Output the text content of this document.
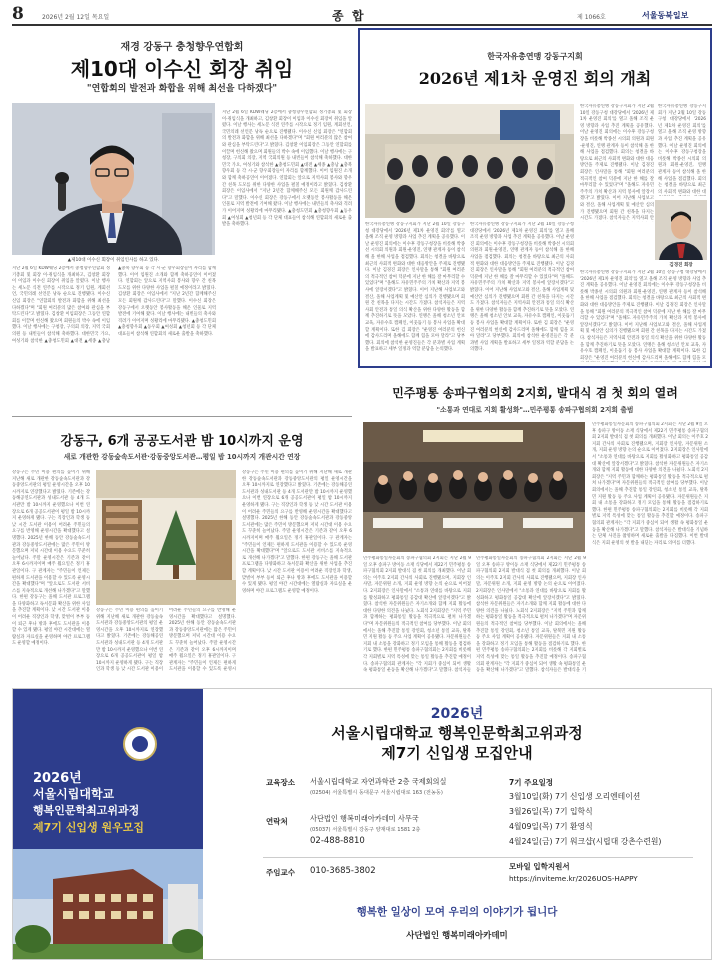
8	2026년 2월 12일 목요일	종  합	제 1066호	서울동북일보
재경 강동구 충청향우연합회
제10대 이수신 회장 취임
"연합회의 발전과 화합을 위해 최선을 다하겠다"
▲제10대 이수신 회장이 취임인사를 하고 있다.
지난 2월 6일 KDW웨딩 2층에서 충청향우연합회 정기총회 및 회장 이·취임식을 개최하고, 김창환 회장이 이임과 이수신 회장이 취임을 알렸다. 이날 행사는 세노문 식전 연주를 시작으로 정기 임원, 계회선언, 국민의례 선언문 낭독 순으로 진행됐다. 이수신 신임 회장은 "연합회의 발전과 화합을 위해 최선을 다하겠다"며 "회원 여러분의 많은 참여와 관심을 부탁드린다"고 밝혔다. 김창환 이임회장은 그동안 연합회를 이끌며 헌신해 왔으며 회원들의 박수 속에 이임했다. 이날 행사에는 구청장, 구의회 의장, 지역 국회의원 등 내빈들이 참석해 축하했다. 대한민국 가요, 여성기와 참석한 ▲충청도민회 ▲대전 ▲세종 ▲충남 ▲충북 향우회 등 각 시·군 향우회장들이 자리를 함께했다. 이어 임원진 소개와 함께 축하공연이 이어졌다. 연합회는 앞으로 지역사회 봉사와 향우 간 친목 도모를 위한 다양한 사업을 펼칠 예정이라고 밝혔다. 김창환 회장은 이임사에서 "지난 2년간 함께해주신 모든 회원께 감사드린다"고 말했다. 이수신 회장은 강동구에서 오랫동안 봉사활동을 해온 인물로 지역 발전에 기여해 왔다. 이날 행사에는 내빈들의 축사와 격려가 이어지며 성황리에 마무리됐다. ▲충청도민회 ▲충청향우회 ▲동우회 ▲여성회 ▲청년회 등 각 단체 대표들이 참석해 연합회의 새로운 출발을 축하했다.
지난 2월 6일 KDW웨딩 2층에서 충청향우연합회 정기총회 및 회장 이·취임식을 개최하고, 김창환 회장이 이임과 이수신 회장이 취임을 알렸다. 이날 행사는 세노문 식전 연주를 시작으로 정기 임원, 계회선언, 국민의례 선언문 낭독 순으로 진행됐다. 이수신 신임 회장은 "연합회의 발전과 화합을 위해 최선을 다하겠다"며 "회원 여러분의 많은 참여와 관심을 부탁드린다"고 밝혔다. 김창환 이임회장은 그동안 연합회를 이끌며 헌신해 왔으며 회원들의 박수 속에 이임했다. 이날 행사에는 구청장, 구의회 의장, 지역 국회의원 등 내빈들이 참석해 축하했다. 대한민국 가요, 여성기와 참석한 ▲충청도민회 ▲대전 ▲세종 ▲충남 ▲충북 향우회 등 각 시·군 향우회장들이 자리를 함께했다. 이어 임원진 소개와 함께 축하공연이 이어졌다. 연합회는 앞으로 지역사회 봉사와 향우 간 친목 도모를 위한 다양한 사업을 펼칠 예정이라고 밝혔다. 김창환 회장은 이임사에서 "지난 2년간 함께해주신 모든 회원께 감사드린다"고 말했다. 이수신 회장은 강동구에서 오랫동안 봉사활동을 해온 인물로 지역 발전에 기여해 왔다. 이날 행사에는 내빈들의 축사와 격려가 이어지며 성황리에 마무리됐다. ▲충청도민회 ▲충청향우회 ▲동우회 ▲여성회 ▲청년회 등 각 단체 대표들이 참석해 연합회의 새로운 출발을 축하했다.
강동구, 6개 공공도서관 밤 10시까지 운영
새로 개관한 강동숲속도서관·강동중앙도서관…평일 밤 10시까지 개관시간 연장
강동구는 주민 이용 편의를 높이기 위해 지난해 새로 개관한 강동숲속도서관과 강동중앙도서관의 평일 운영시간을 오후 10시까지로 연장했다고 밝혔다. 기존에는 강동해공연도서관과 성내도서관 등 4개 도서관만 밤 10시까지 운영했으나 이번 연장으로 6개 공공도서관이 평일 밤 10시까지 운영하게 됐다. 구는 직장인과 학생 등 낮 시간 도서관 이용이 어려운 주민들의 요구를 반영해 운영시간을 확대했다고 설명했다. 2025년 한해 동안 강동숲속도서관과 강동중앙도서관에는 많은 주민이 방문했으며 저녁 시간대 이용 수요도 꾸준히 늘어났다. 주말 운영시간은 기존과 같이 오후 6시까지이며 매주 월요일은 정기 휴관일이다. 구 관계자는 "주민들이 언제든 편하게 도서관을 이용할 수 있도록 운영시간을 확대했다"며 "앞으로도 도서관 서비스를 지속적으로 개선해 나가겠다"고 말했다. 한편 강동구는 올해 도서관 프로그램을 다양화하고 독서문화 확산을 위한 사업을 추진할 계획이다. 낮 시간 도서관 이용이 어려운 직장인과 학생, 맞벌이 부부 등이 퇴근 후나 방과 후에도 도서관을 이용할 수 있게 됐다. 평일 야간 시간대에는 열람실과 자료실을 운영하며 야간 프로그램도 운영할 예정이다.
강동구는 주민 이용 편의를 높이기 위해 지난해 새로 개관한 강동숲속도서관과 강동중앙도서관의 평일 운영시간을 오후 10시까지로 연장했다고 밝혔다. 기존에는 강동해공연도서관과 성내도서관 등 4개 도서관만 밤 10시까지 운영했으나 이번 연장으로 6개 공공도서관이 평일 밤 10시까지 운영하게 됐다. 구는 직장인과 학생 등 낮 시간 도서관 이용이 어려운 주민들의 요구를 반영해 운영시간을 확대했다고 설명했다. 2025년 한해 동안 강동숲속도서관과 강동중앙도서관에는 많은 주민이 방문했으며 저녁 시간대 이용 수요도 꾸준히 늘어났다. 주말 운영시간은 기존과 같이 오후 6시까지이며 매주 월요일은 정기 휴관일이다. 구 관계자는 "주민들이 언제든 편하게 도서관을 이용할 수 있도록 운영시
강동구는 주민 이용 편의를 높이기 위해 지난해 새로 개관한 강동숲속도서관과 강동중앙도서관의 평일 운영시간을 오후 10시까지로 연장했다고 밝혔다. 기존에는 강동해공연도서관과 성내도서관 등 4개 도서관만 밤 10시까지 운영했으나 이번 연장으로 6개 공공도서관이 평일 밤 10시까지 운영하게 됐다. 구는 직장인과 학생 등 낮 시간 도서관 이용이 어려운 주민들의 요구를 반영해 운영시간을 확대했다고 설명했다. 2025년 한해 동안 강동숲속도서관과 강동중앙도서관에는 많은 주민이 방문했으며 저녁 시간대 이용 수요도 꾸준히 늘어났다. 주말 운영시간은 기존과 같이 오후 6시까지이며 매주 월요일은 정기 휴관일이다. 구 관계자는 "주민들이 언제든 편하게 도서관을 이용할 수 있도록 운영시간을 확대했다"며 "앞으로도 도서관 서비스를 지속적으로 개선해 나가겠다"고 말했다. 한편 강동구는 올해 도서관 프로그램을 다양화하고 독서문화 확산을 위한 사업을 추진할 계획이다. 낮 시간 도서관 이용이 어려운 직장인과 학생, 맞벌이 부부 등이 퇴근 후나 방과 후에도 도서관을 이용할 수 있게 됐다. 평일 야간 시간대에는 열람실과 자료실을 운영하며 야간 프로그램도 운영할 예정이다.
한국자유총연맹 강동구지회
2026년 제1차 운영진 회의 개최
한국자유총연맹 강동구지회가 지난 2월 10일 강동구청 대강당에서 '2026년 제1차 운영진 회의'를 열고 올해 조직 운영 방향과 사업 추진 계획을 공유했다. 이날 운영진 회의에는 이수후 강동구청장을 비롯해 박종선 시의회 의원과 회원·운영진, 연맹 관계자 등이 참석해 올 한해 사업을 점검했다. 회의는 청결을 바탕으로 최근의 사회적 변화와 대한 대응방안을 주제로 진행됐다. 이날 김경진 회장은 인사말을 통해 "회원 여러분의 적극적인 참여 덕분에 지난 한 해를 잘 마무리할 수 있었다"며 "올해도 자유민주주의 가치 확산과 지역 봉사에 앞장서겠다"고 밝혔다. 이어 지난해 사업보고와 결산, 올해 사업계획 및 예산안 심의가 진행됐으며 회원 간 친목을 다지는 시간도 가졌다. 참석자들은 지역사회 안전과 통일 의식 확산을 위한 다양한 활동을 함께 추진하기로 뜻을 모았다. 연맹은 올해 청소년 안보 교육, 자유수호 캠페인, 이웃돕기 등 봉사 사업을 확대할 계획이다. 또한 김 회장은 "운영진 여러분의 헌신에 감사드리며 올해에도 함께 힘을 모아 달라"고 당부했다. 회의에 참석한 운영진들은 각 분과별 사업 계획을 발표하고 세부 일정과 역할 분담을 논의했다.
한국자유총연맹 강동구지회가 지난 2월 10일 강동구청 대강당에서 '2026년 제1차 운영진 회의'를 열고 올해 조직 운영 방향과 사업 추진 계획을 공유했다. 이날 운영진 회의에는 이수후 강동구청장을 비롯해 박종선 시의회 의원과 회원·운영진, 연맹 관계자 등이 참석해 올 한해 사업을 점검했다. 회의는 청결을 바탕으로 최근의 사회적 변화와 대한 대응방안을 주제로 진행됐다. 이날 김경진 회장은 인사말을 통해 "회원 여러분의 적극적인 참여 덕분에 지난 한 해를 잘 마무리할 수 있었다"며 "올해도 자유민주주의 가치 확산과 지역 봉사에 앞장서겠다"고 밝혔다. 이어 지난해 사업보고와 결산, 올해 사업계획 및 예산안 심의가 진행됐으며 회원 간 친목을 다지는 시간도 가졌다. 참석자들은 지역사회 안전과 통일 의식 확산을 위한 다양한 활동을 함께 추진하기로 뜻을 모았다. 연맹은 올해 청소년 안보 교육, 자유수호 캠페인, 이웃돕기 등 봉사 사업을 확대할 계획이다. 또한 김 회장은 "운영진 여러분의 헌신에 감사드리며 올해에도 함께 힘을 모아 달라"고 당부했다. 회의에 참석한 운영진들은 각 분과별 사업 계획을 발표하고 세부 일정과 역할 분담을 논의했다.
한국자유총연맹 강동구지회가 지난 2월 10일 강동구청 대강당에서 '2026년 제1차 운영진 회의'를 열고 올해 조직 운영 방향과 사업 추진 계획을 공유했다. 이날 운영진 회의에는 이수후 강동구청장을 비롯해 박종선 시의회 의원과 회원·운영진, 연맹 관계자 등이 참석해 올 한해 사업을 점검했다. 회의는 청결을 바탕으로 최근의 사회적 변화와 대한 대응방안을 주제로 진행됐다. 이날 김경진 회장은 인사말을 통해 "회원 여러분의 적극적인 참여 덕분에 지난 한 해를 잘 마무리할 수 있었다"며 "올해도 자유민주주의 가치 확산과 지역 봉사에 앞장서겠다"고 밝혔다. 이어 지난해 사업보고와 결산, 올해 사업계획 및 예산안 심의가 진행됐으며 회원 간 친목을 다지는 시간도 가졌다. 참석자들은 지역사회 안
김경진 회장
한국자유총연맹 강동구지회가 지난 2월 10일 강동구청 대강당에서 '2026년 제1차 운영진 회의'를 열고 올해 조직 운영 방향과 사업 추진 계획을 공유했다. 이날 운영진 회의에는 이수후 강동구청장을 비롯해 박종선 시의회 의원과 회원·운영진, 연맹 관계자 등이 참석해 올 한해 사업을 점검했다. 회의는 청결을 바탕으로 최근의 사회적 변화와 대한 대응방안을 주제로 진행됐다. 이날 김경진 회장은 인사말을 통해 "회원 여러분의 적극적인 참여 덕분에 지난 한 해를 잘 마무리할 수 있었다"며 "올해도 자유민주주의 가치 확산과 지역 봉사에 앞장서겠다"고 밝혔다. 이어 지난해 사업보고와 결산, 올해 사업계획 및 예산안 심의가 진행됐으며 회원 간 친목을 다지는 시간도 가졌다. 참석자들은 지역사회 안전과 통일 의식 확산을 위한 다양한 활동을 함께 추진하기로 뜻을 모았다. 연맹은 올해 청소년 안보 교육, 자유수호 캠페인, 이웃돕기 등 봉사 사업을 확대할 계획이다. 또한 김 회장은 "운영진 여러분의 헌신에 감사드리며 올해에도 함께 힘을 모
한국자유총연맹 강동구지회가 지난 2월 10일 강동구청 대강당에서 '2026년 제1차 운영진 회의'를 열고 올해 조직 운영 방향과 사업 추진 계획을 공유했다. 이날 운영진 회의에는 이수후 강동구청장을 비롯해 박종선 시의회 의원과 회원·운영진, 연맹 관계자 등이 참석해 올 한해 사업을 점검했다. 회의는 청결을 바탕으로 최근의 사회적 변화와 대한 대
민주평통 송파구협의회 2지회, 발대식 겸 첫 회의 열려
"소통과 연대로 지회 활성화"…민주평통 송파구협의회 2지회 출범
민주평화통일자문회의 송파구협의회 2지회는 지난 2월 9일 오후 송파구 방이동 소재 식당에서 제22기 민주평통 송파구협의회 2지회 발대식 겸 첫 회의를 개최했다. 이날 회의는 이주호 2지회 간사의 사회로 진행됐으며, 지회장 인사말, 자문위원 소개, 지회 운영 방향 논의 순으로 이어졌다. 2지회장은 인사말에서 "소통과 연대를 바탕으로 지회를 활성화하고 평화통일 공감대 확산에 앞장서겠다"고 밝혔다. 참석한 자문위원들은 자기소개와 함께 지회 활동에 대한 다양한 의견을 나눴다. 노회석 2지회장은 "지역 주민과 함께하는 평화통일 활동을 적극적으로 펼쳐 나가겠다"며 자문위원들의 적극적인 참여를 당부했다. 이날 회의에서는 올해 추진할 통일 강연회, 청소년 통일 교육, 탈북민 지원 활동 등 주요 사업 계획이 공유됐다. 자문위원들은 지회 내 소통을 강화하고 정기 모임을 통해 활동을 점검하기로 했다. 한편 민주평통 송파구협의회는 2지회를 비롯해 각 지회별로 지역 특성에 맞는 통일 활동을 추진할 예정이다. 송파구협의회 관계자는 "각 지회가 중심이 되어 생활 속 평화통일 운동을 확산해 나가겠다"고 말했다. 참석자들
민주평화통일자문회의 송파구협의회 2지회는 지난 2월 9일 오후 송파구 방이동 소재 식당에서 제22기 민주평통 송파구협의회 2지회 발대식 겸 첫 회의를 개최했다. 이날 회의는 이주호 2지회 간사의 사회로 진행됐으며, 지회장 인사말, 자문위원 소개, 지회 운영 방향 논의 순으로 이어졌다. 2지회장은 인사말에서 "소통과 연대를 바탕으로 지회를 활성화하고 평화통일 공감대 확산에 앞장서겠다"고 밝혔다. 참석한 자문위원들은 자기소개와 함께 지회 활동에 대한 다양한 의견을 나눴다. 노회석 2지회장은 "지역 주민과 함께하는 평화통일 활동을 적극적으로 펼쳐 나가겠다"며 자문위원들의 적극적인 참여를 당부했다. 이날 회의에서는 올해 추진할 통일 강연회, 청소년 통일 교육, 탈북민 지원 활동 등 주요 사업 계획이 공유됐다. 자문위원들은 지회 내 소통을 강화하고 정기 모임을 통해 활동을 점검하기로 했다. 한편 민주평통 송파구협의회는 2지회를 비롯해 각 지회별로 지역 특성에 맞는 통일 활동을 추진할 예정이다. 송파구협의회 관계자는 "각 지회가 중심이 되어 생활 속 평화통일 운동을 확산해 나가겠다"고 말했다. 참석자들은 발대식을 기
민주평화통일자문회의 송파구협의회 2지회는 지난 2월 9일 오후 송파구 방이동 소재 식당에서 제22기 민주평통 송파구협의회 2지회 발대식 겸 첫 회의를 개최했다. 이날 회의는 이주호 2지회 간사의 사회로 진행됐으며, 지회장 인사말, 자문위원 소개, 지회 운영 방향 논의 순으로 이어졌다. 2지회장은 인사말에서 "소통과 연대를 바탕으로 지회를 활성화하고 평화통일 공감대 확산에 앞장서겠다"고 밝혔다. 참석한 자문위원들은 자기소개와 함께 지회 활동에 대한 다양한 의견을 나눴다. 노회석 2지회장은 "지역 주민과 함께하는 평화통일 활동을 적극적으로 펼쳐 나가겠다"며 자문위원들의 적극적인 참여를 당부했다. 이날 회의에서는 올해 추진할 통일 강연회, 청소년 통일 교육, 탈북민 지원 활동 등 주요 사업 계획이 공유됐다. 자문위원들은 지회 내 소통을 강화하고 정기 모임을 통해 활동을 점검하기로 했다. 한편 민주평통 송파구협의회는 2지회를 비롯해 각 지회별로 지역 특성에 맞는 통일 활동을 추진할 예정이다. 송파구협의회 관계자는 "각 지회가 중심이 되어 생활 속 평화통일 운동을 확산해 나가겠다"고 말했다. 참석자들은 발대식을 기념하는 단체 사진을 촬영하며 새로운 출발을 다짐했다. 이번 발대식은 지회 운영의 첫 발을 내딛는 자리로 의미를 더했다.
2026년
서울시립대학교
행복인문학최고위과정
제7기 신입생 원우모집
2026년
서울시립대학교 행복인문학최고위과정
제7기 신입생 모집안내
교육장소 서울시립대학교 자연과학관 2층 국제회의실
(02504) 서울특별시 동대문구 서울시립대로 163 (전농동)
연락처	사단법인 행복미래아카데미 사무국
(05037) 서울특별시 강동구 양재대로 1581 2층
02-488-8810
주임교수 010-3685-3802
7기 주요일정
3월10일(화) 7기 신입생 오리엔테이션
3월26일(목) 7기 입학식
4월09일(목) 7기 환영식
4월24일(금) 7기 워크샵(시립대 강촌수련원)
모바일 입학지원서
https://inviteme.kr/2026UOS-HAPPY
행복한 일상이 모여 우리의 이야기가 됩니다
사단법인 행복미래아카데미
